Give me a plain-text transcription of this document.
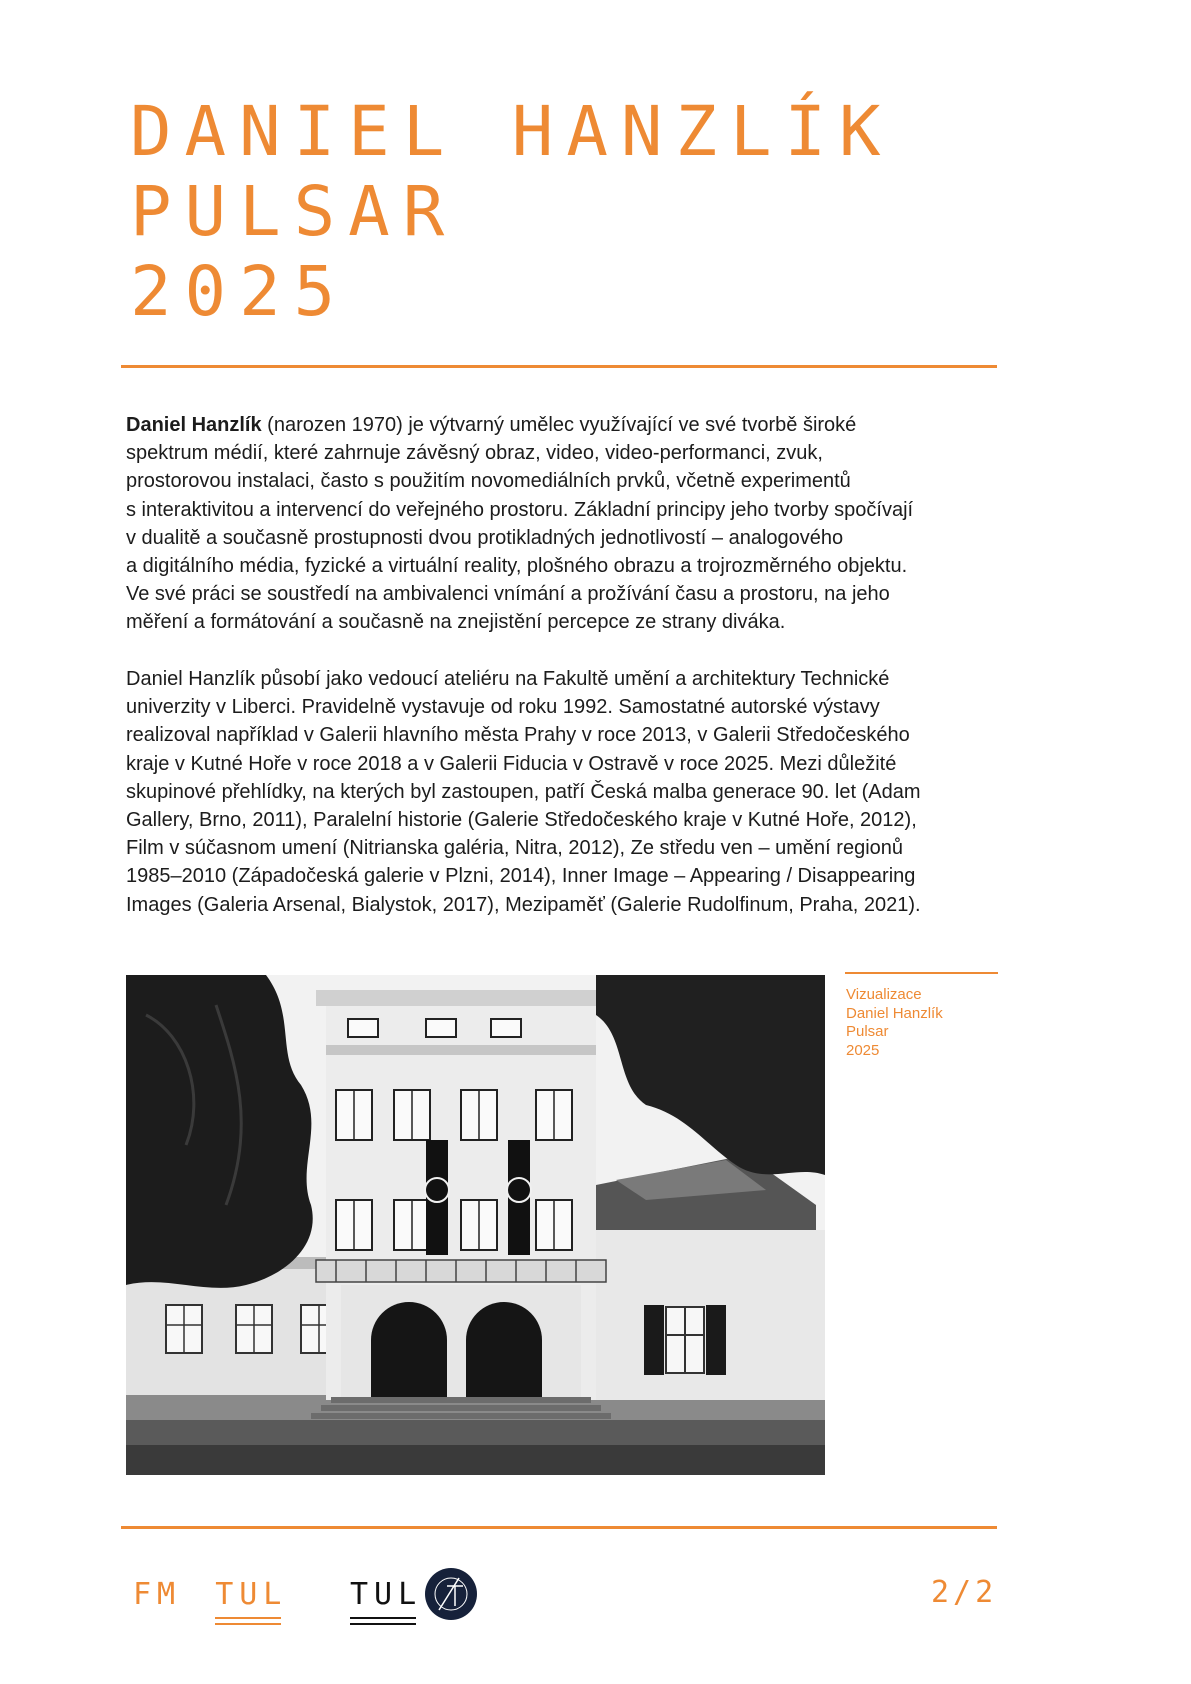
DANIEL HANZLÍK
PULSAR
2025
Daniel Hanzlík (narozen 1970) je výtvarný umělec využívající ve své tvorbě široké
spektrum médií, které zahrnuje závěsný obraz, video, video-performanci, zvuk,
prostorovou instalaci, často s použitím novomediálních prvků, včetně experimentů
s interaktivitou a intervencí do veřejného prostoru. Základní principy jeho tvorby spočívají
v dualitě a současně prostupnosti dvou protikladných jednotlivostí – analogového
a digitálního média, fyzické a virtuální reality, plošného obrazu a trojrozměrného objektu.
Ve své práci se soustředí na ambivalenci vnímání a prožívání času a prostoru, na jeho
měření a formátování a současně na znejistění percepce ze strany diváka.
Daniel Hanzlík působí jako vedoucí ateliéru na Fakultě umění a architektury Technické
univerzity v Liberci. Pravidelně vystavuje od roku 1992. Samostatné autorské výstavy
realizoval například v Galerii hlavního města Prahy v roce 2013, v Galerii Středočeského
kraje v Kutné Hoře v roce 2018 a v Galerii Fiducia v Ostravě v roce 2025. Mezi důležité
skupinové přehlídky, na kterých byl zastoupen, patří Česká malba generace 90. let (Adam
Gallery, Brno, 2011), Paralelní historie (Galerie Středočeského kraje v Kutné Hoře, 2012),
Film v súčasnom umení (Nitrianska galéria, Nitra, 2012), Ze středu ven – umění regionů
1985–2010 (Západočeská galerie v Plzni, 2014), Inner Image – Appearing / Disappearing
Images (Galeria Arsenal, Bialystok, 2017), Mezipaměť (Galerie Rudolfinum, Praha, 2021).
Vizualizace
Daniel Hanzlík
Pulsar
2025
FM TUL TUL	2/2
